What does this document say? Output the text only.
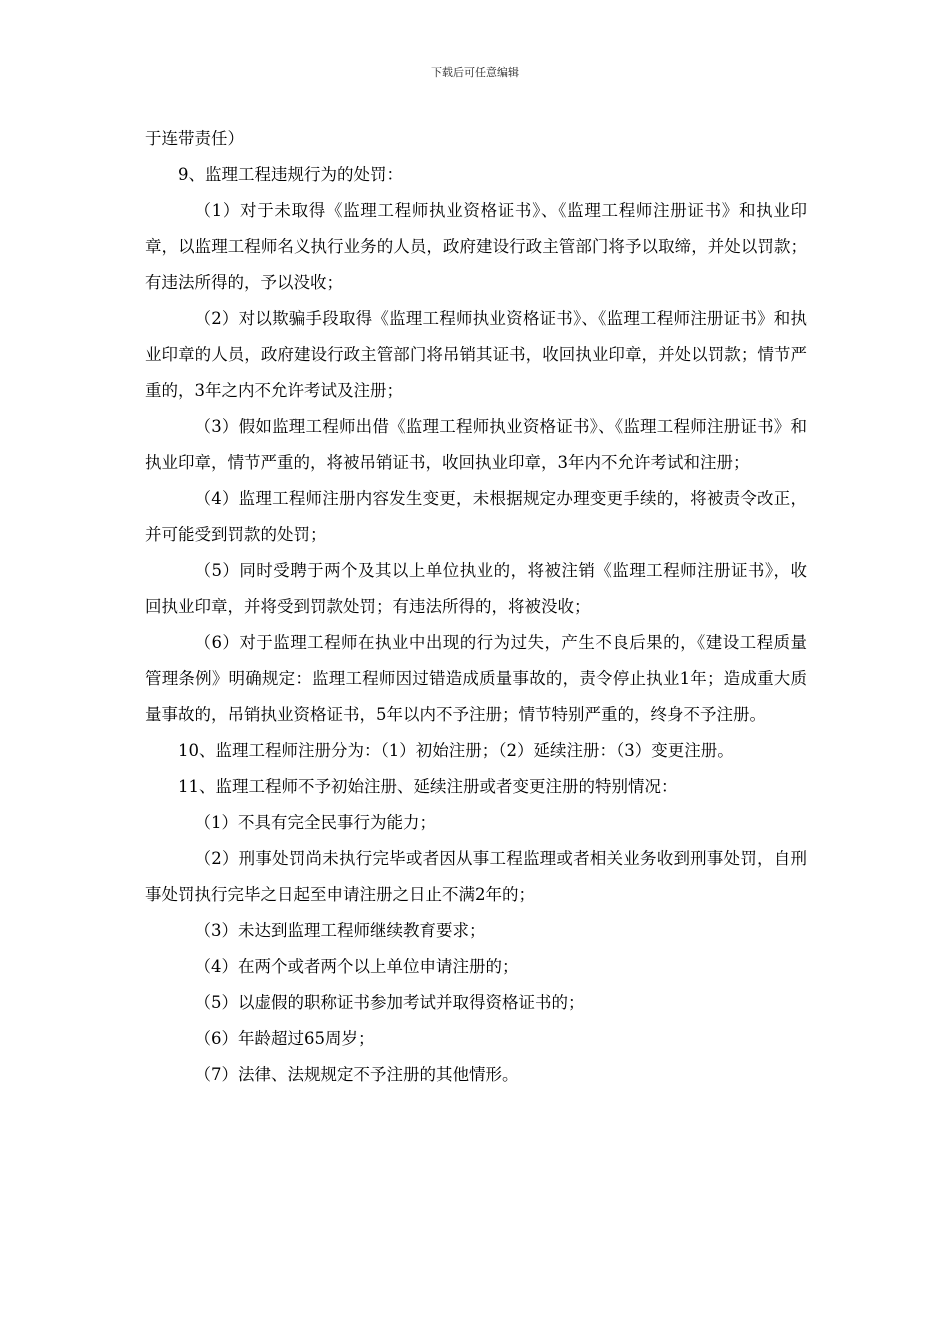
下载后可任意编辑

于连带责任）

9、监理工程违规行为的处罚：

（1）对于未取得《监理工程师执业资格证书》、《监理工程师注册证书》和执业印章，以监理工程师名义执行业务的人员，政府建设行政主管部门将予以取缔，并处以罚款；有违法所得的，予以没收；

（2）对以欺骗手段取得《监理工程师执业资格证书》、《监理工程师注册证书》和执业印章的人员，政府建设行政主管部门将吊销其证书，收回执业印章，并处以罚款；情节严重的，3年之内不允许考试及注册；

（3）假如监理工程师出借《监理工程师执业资格证书》、《监理工程师注册证书》和执业印章，情节严重的，将被吊销证书，收回执业印章，3年内不允许考试和注册；

（4）监理工程师注册内容发生变更，未根据规定办理变更手续的，将被责令改正，并可能受到罚款的处罚；

（5）同时受聘于两个及其以上单位执业的，将被注销《监理工程师注册证书》，收回执业印章，并将受到罚款处罚；有违法所得的，将被没收；

（6）对于监理工程师在执业中出现的行为过失，产生不良后果的，《建设工程质量管理条例》明确规定：监理工程师因过错造成质量事故的，责令停止执业1年；造成重大质量事故的，吊销执业资格证书，5年以内不予注册；情节特别严重的，终身不予注册。

10、监理工程师注册分为：（1）初始注册；（2）延续注册：（3）变更注册。

11、监理工程师不予初始注册、延续注册或者变更注册的特别情况：

（1）不具有完全民事行为能力；

（2）刑事处罚尚未执行完毕或者因从事工程监理或者相关业务收到刑事处罚，自刑事处罚执行完毕之日起至申请注册之日止不满2年的；

（3）未达到监理工程师继续教育要求；

（4）在两个或者两个以上单位申请注册的；

（5）以虚假的职称证书参加考试并取得资格证书的；

（6）年龄超过65周岁；

（7）法律、法规规定不予注册的其他情形。
